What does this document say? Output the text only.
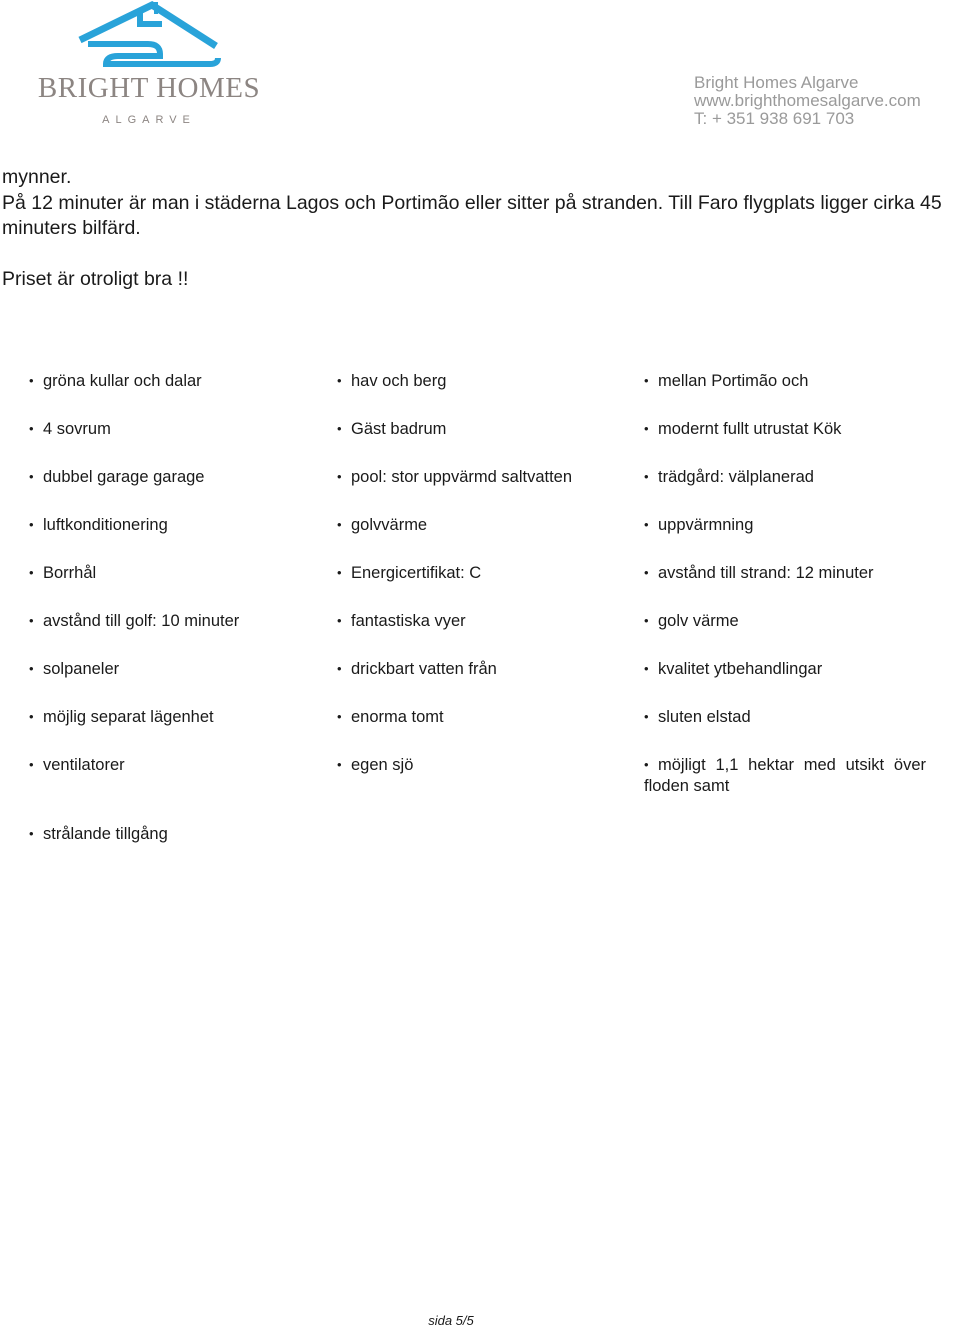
BRIGHT HOMES
ALGARVE
Bright Homes Algarve
www.brighthomesalgarve.com
T: + 351 938 691 703

mynner.

På 12 minuter är man i städerna Lagos och Portimão eller sitter på stranden. Till Faro flygplats ligger cirka 45 minuters bilfärd.

Priset är otroligt bra !!

• gröna kullar och dalar
• 4 sovrum
• dubbel garage garage
• luftkonditionering
• Borrhål
• avstånd till golf: 10 minuter
• solpaneler
• möjlig separat lägenhet
• ventilatorer
• strålande tillgång
• hav och berg
• Gäst badrum
• pool: stor uppvärmd saltvatten
• golvvärme
• Energicertifikat: C
• fantastiska vyer
• drickbart vatten från
• enorma tomt
• egen sjö
• mellan Portimão och
• modernt fullt utrustat Kök
• trädgård: välplanerad
• uppvärmning
• avstånd till strand: 12 minuter
• golv värme
• kvalitet ytbehandlingar
• sluten elstad
• möjligt 1,1 hektar med utsikt över floden samt
sida 5/5
